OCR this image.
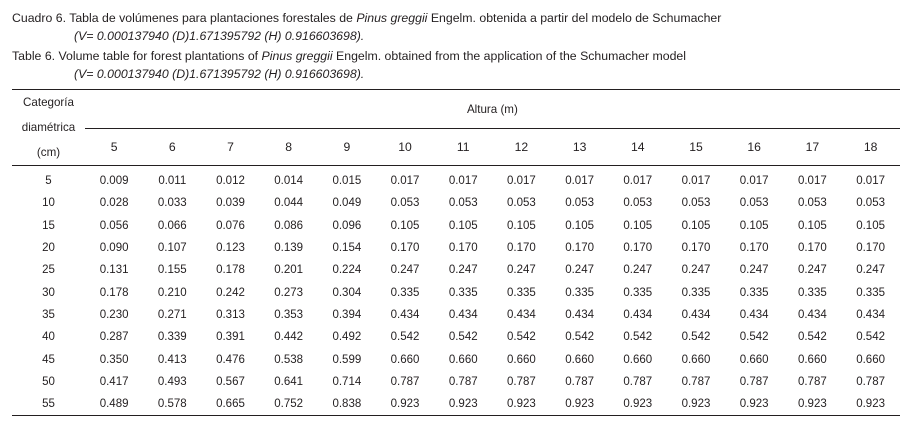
Cuadro 6. Tabla de volúmenes para plantaciones forestales de Pinus greggii Engelm. obtenida a partir del modelo de Schumacher
(V= 0.000137940 (D)1.671395792 (H) 0.916603698).
Table 6. Volume table for forest plantations of Pinus greggii Engelm. obtained from the application of the Schumacher model
(V= 0.000137940 (D)1.671395792 (H) 0.916603698).
Categoría
diamétrica
(cm)	Altura (m)													
	5	6	7	8	9	10	11	12	13	14	15	16	17	18

5	0.009	0.011	0.012	0.014	0.015	0.017	0.017	0.017	0.017	0.017	0.017	0.017	0.017	0.017
10	0.028	0.033	0.039	0.044	0.049	0.053	0.053	0.053	0.053	0.053	0.053	0.053	0.053	0.053
15	0.056	0.066	0.076	0.086	0.096	0.105	0.105	0.105	0.105	0.105	0.105	0.105	0.105	0.105
20	0.090	0.107	0.123	0.139	0.154	0.170	0.170	0.170	0.170	0.170	0.170	0.170	0.170	0.170
25	0.131	0.155	0.178	0.201	0.224	0.247	0.247	0.247	0.247	0.247	0.247	0.247	0.247	0.247
30	0.178	0.210	0.242	0.273	0.304	0.335	0.335	0.335	0.335	0.335	0.335	0.335	0.335	0.335
35	0.230	0.271	0.313	0.353	0.394	0.434	0.434	0.434	0.434	0.434	0.434	0.434	0.434	0.434
40	0.287	0.339	0.391	0.442	0.492	0.542	0.542	0.542	0.542	0.542	0.542	0.542	0.542	0.542
45	0.350	0.413	0.476	0.538	0.599	0.660	0.660	0.660	0.660	0.660	0.660	0.660	0.660	0.660
50	0.417	0.493	0.567	0.641	0.714	0.787	0.787	0.787	0.787	0.787	0.787	0.787	0.787	0.787
55	0.489	0.578	0.665	0.752	0.838	0.923	0.923	0.923	0.923	0.923	0.923	0.923	0.923	0.923
